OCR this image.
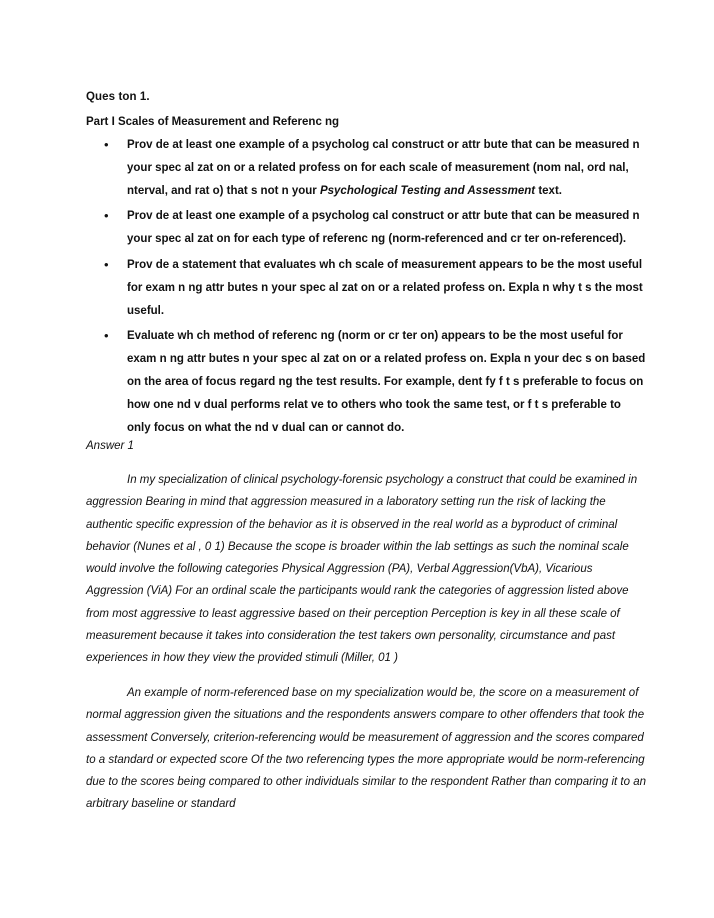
Ques ton 1.
Part I Scales of Measurement and Referenc ng
• Prov de at least one example of a psycholog cal construct or attr bute that can be measured n your spec al zat on or a related profess on for each scale of measurement (nom nal, ord nal, nterval, and rat o) that s not n your Psychological Testing and Assessment text.
• Prov de at least one example of a psycholog cal construct or attr bute that can be measured n your spec al zat on for each type of referenc ng (norm-referenced and cr ter on-referenced).
• Prov de a statement that evaluates wh ch scale of measurement appears to be the most useful for exam n ng attr butes n your spec al zat on or a related profess on. Expla n why t s the most useful.
• Evaluate wh ch method of referenc ng (norm or cr ter on) appears to be the most useful for exam n ng attr butes n your spec al zat on or a related profess on. Expla n your dec s on based on the area of focus regard ng the test results. For example, dent fy f t s preferable to focus on how one nd v dual performs relat ve to others who took the same test, or f t s preferable to only focus on what the nd v dual can or cannot do.
Answer 1

In my specialization of clinical psychology-forensic psychology a construct that could be examined in aggression Bearing in mind that aggression measured in a laboratory setting run the risk of lacking the authentic specific expression of the behavior as it is observed in the real world as a byproduct of criminal behavior (Nunes et al , 0 1) Because the scope is broader within the lab settings as such the nominal scale would involve the following categories Physical Aggression (PA), Verbal Aggression(VbA), Vicarious Aggression (ViA) For an ordinal scale the participants would rank the categories of aggression listed above from most aggressive to least aggressive based on their perception Perception is key in all these scale of measurement because it takes into consideration the test takers own personality, circumstance and past experiences in how they view the provided stimuli (Miller, 01 )

An example of norm-referenced base on my specialization would be, the score on a measurement of normal aggression given the situations and the respondents answers compare to other offenders that took the assessment Conversely, criterion-referencing would be measurement of aggression and the scores compared to a standard or expected score Of the two referencing types the more appropriate would be norm-referencing due to the scores being compared to other individuals similar to the respondent Rather than comparing it to an arbitrary baseline or standard
